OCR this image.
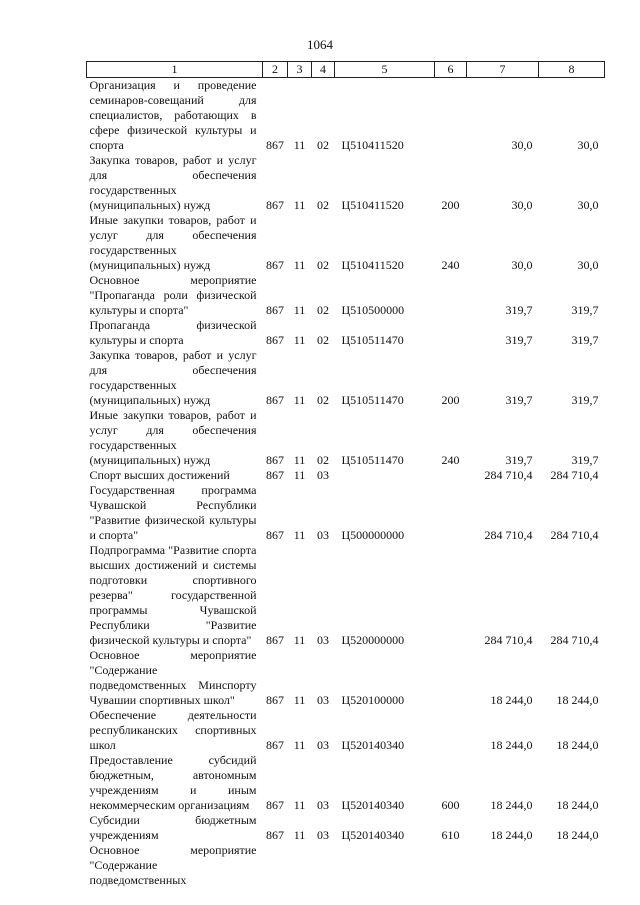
1064
1	2	3	4	5	6	7	8
Организация и проведение семинаров-совещаний для специалистов, работающих в сфере физической культуры и спорта	867	11	02	Ц510411520		30,0	30,0
Закупка товаров, работ и услуг для обеспечения государственных (муниципальных) нужд	867	11	02	Ц510411520	200	30,0	30,0
Иные закупки товаров, работ и услуг для обеспечения государственных (муниципальных) нужд	867	11	02	Ц510411520	240	30,0	30,0
Основное мероприятие "Пропаганда роли физической культуры и спорта"	867	11	02	Ц510500000		319,7	319,7
Пропаганда физической культуры и спорта	867	11	02	Ц510511470		319,7	319,7
Закупка товаров, работ и услуг для обеспечения государственных (муниципальных) нужд	867	11	02	Ц510511470	200	319,7	319,7
Иные закупки товаров, работ и услуг для обеспечения государственных (муниципальных) нужд	867	11	02	Ц510511470	240	319,7	319,7
Спорт высших достижений	867	11	03			284 710,4	284 710,4
Государственная программа Чувашской Республики "Развитие физической культуры и спорта"	867	11	03	Ц500000000		284 710,4	284 710,4
Подпрограмма "Развитие спорта высших достижений и системы подготовки спортивного резерва" государственной программы Чувашской Республики "Развитие физической культуры и спорта"	867	11	03	Ц520000000		284 710,4	284 710,4
Основное мероприятие "Содержание подведомственных Минспорту Чувашии спортивных школ"	867	11	03	Ц520100000		18 244,0	18 244,0
Обеспечение деятельности республиканских спортивных школ	867	11	03	Ц520140340		18 244,0	18 244,0
Предоставление субсидий бюджетным, автономным учреждениям и иным некоммерческим организациям	867	11	03	Ц520140340	600	18 244,0	18 244,0
Субсидии бюджетным учреждениям	867	11	03	Ц520140340	610	18 244,0	18 244,0
Основное мероприятие "Содержание подведомственных							
